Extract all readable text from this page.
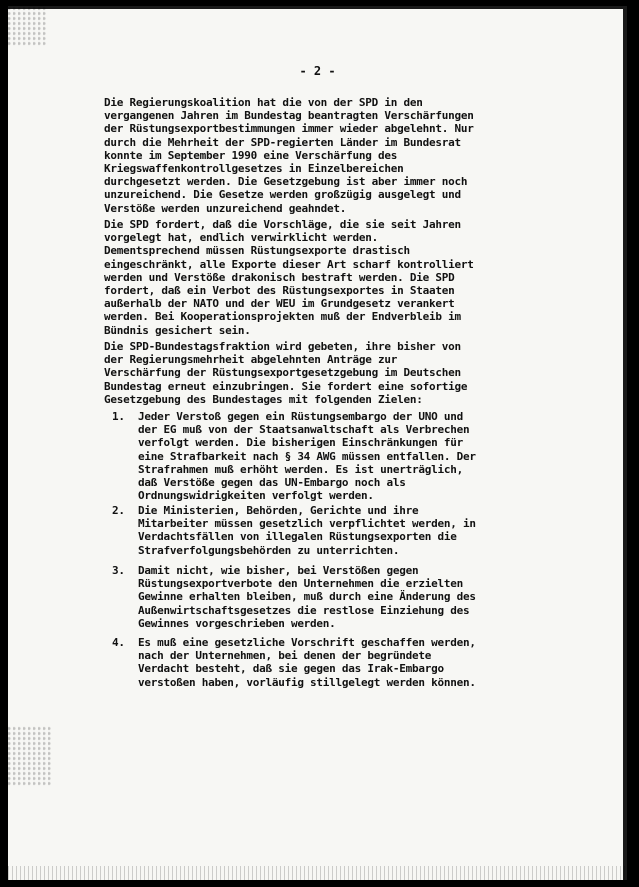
- 2 -
Die Regierungskoalition hat die von der SPD in den
vergangenen Jahren im Bundestag beantragten Verschärfungen
der Rüstungsexportbestimmungen immer wieder abgelehnt. Nur
durch die Mehrheit der SPD-regierten Länder im Bundesrat
konnte im September 1990 eine Verschärfung des
Kriegswaffenkontrollgesetzes in Einzelbereichen
durchgesetzt werden. Die Gesetzgebung ist aber immer noch
unzureichend. Die Gesetze werden großzügig ausgelegt und
Verstöße werden unzureichend geahndet.
Die SPD fordert, daß die Vorschläge, die sie seit Jahren
vorgelegt hat, endlich verwirklicht werden.
Dementsprechend müssen Rüstungsexporte drastisch
eingeschränkt, alle Exporte dieser Art scharf kontrolliert
werden und Verstöße drakonisch bestraft werden. Die SPD
fordert, daß ein Verbot des Rüstungsexportes in Staaten
außerhalb der NATO und der WEU im Grundgesetz verankert
werden. Bei Kooperationsprojekten muß der Endverbleib im
Bündnis gesichert sein.
Die SPD-Bundestagsfraktion wird gebeten, ihre bisher von
der Regierungsmehrheit abgelehnten Anträge zur
Verschärfung der Rüstungsexportgesetzgebung im Deutschen
Bundestag erneut einzubringen. Sie fordert eine sofortige
Gesetzgebung des Bundestages mit folgenden Zielen:
1. Jeder Verstoß gegen ein Rüstungsembargo der UNO und
der EG muß von der Staatsanwaltschaft als Verbrechen
verfolgt werden. Die bisherigen Einschränkungen für
eine Strafbarkeit nach § 34 AWG müssen entfallen. Der
Strafrahmen muß erhöht werden. Es ist unerträglich,
daß Verstöße gegen das UN-Embargo noch als
Ordnungswidrigkeiten verfolgt werden.
2. Die Ministerien, Behörden, Gerichte und ihre
Mitarbeiter müssen gesetzlich verpflichtet werden, in
Verdachtsfällen von illegalen Rüstungsexporten die
Strafverfolgungsbehörden zu unterrichten.
3. Damit nicht, wie bisher, bei Verstößen gegen
Rüstungsexportverbote den Unternehmen die erzielten
Gewinne erhalten bleiben, muß durch eine Änderung des
Außenwirtschaftsgesetzes die restlose Einziehung des
Gewinnes vorgeschrieben werden.
4. Es muß eine gesetzliche Vorschrift geschaffen werden,
nach der Unternehmen, bei denen der begründete
Verdacht besteht, daß sie gegen das Irak-Embargo
verstoßen haben, vorläufig stillgelegt werden können.
